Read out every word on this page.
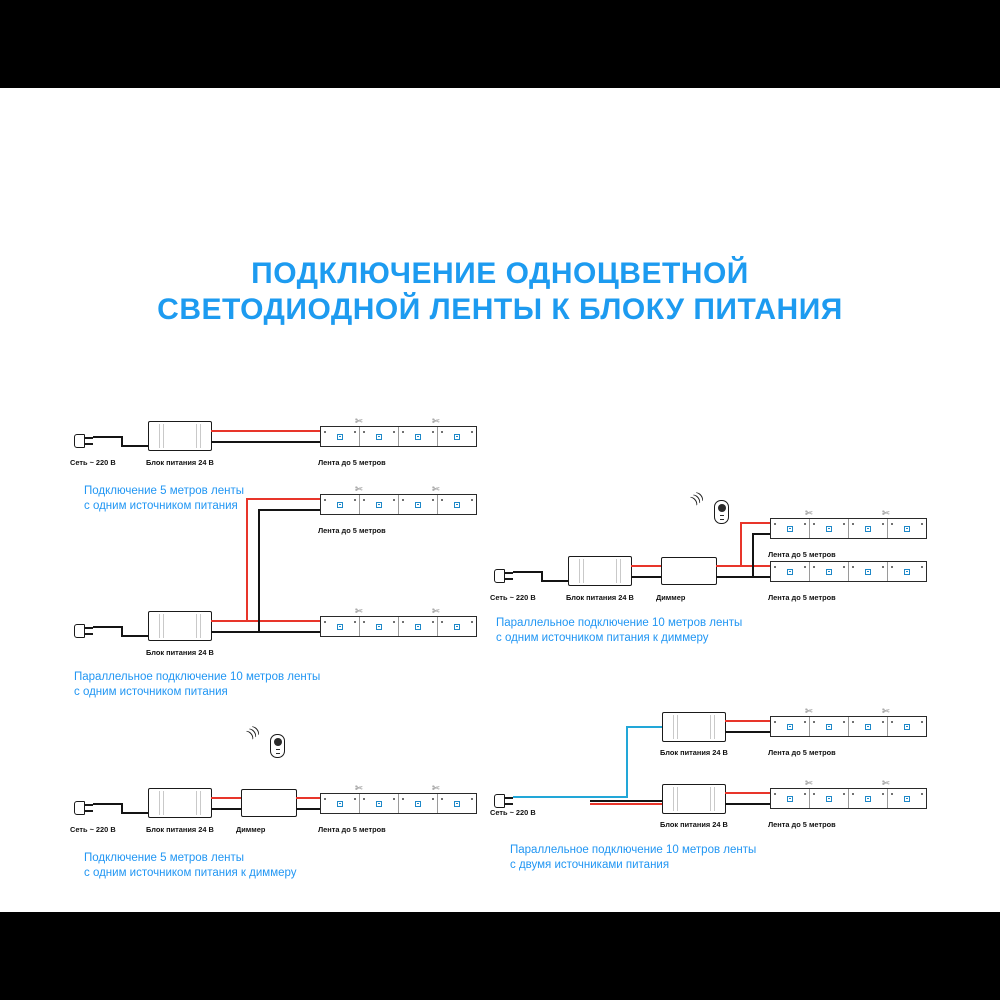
ПОДКЛЮЧЕНИЕ ОДНОЦВЕТНОЙ
СВЕТОДИОДНОЙ ЛЕНТЫ К БЛОКУ ПИТАНИЯ
✄	✄
Сеть ~ 220 В	Блок питания 24 В	Лента до 5 метров
Подключение 5 метров ленты
с одним источником питания
✄	✄
Лента до 5 метров
✄	✄
Блок питания 24 В
Параллельное подключение 10 метров ленты
с одним источником питания
)))
✄	✄
Сеть ~ 220 В	Блок питания 24 В	Диммер	Лента до 5 метров
Подключение 5 метров ленты
с одним источником питания к диммеру
)))
✄	✄
Лента до 5 метров
Сеть ~ 220 В	Блок питания 24 В	Диммер	Лента до 5 метров
Параллельное подключение 10 метров ленты
с одним источником питания к диммеру
Блок питания 24 В
Блок питания 24 В
✄	✄
Лента до 5 метров
✄	✄
Лента до 5 метров
Сеть ~ 220 В
Параллельное подключение 10 метров ленты
с двумя источниками питания
